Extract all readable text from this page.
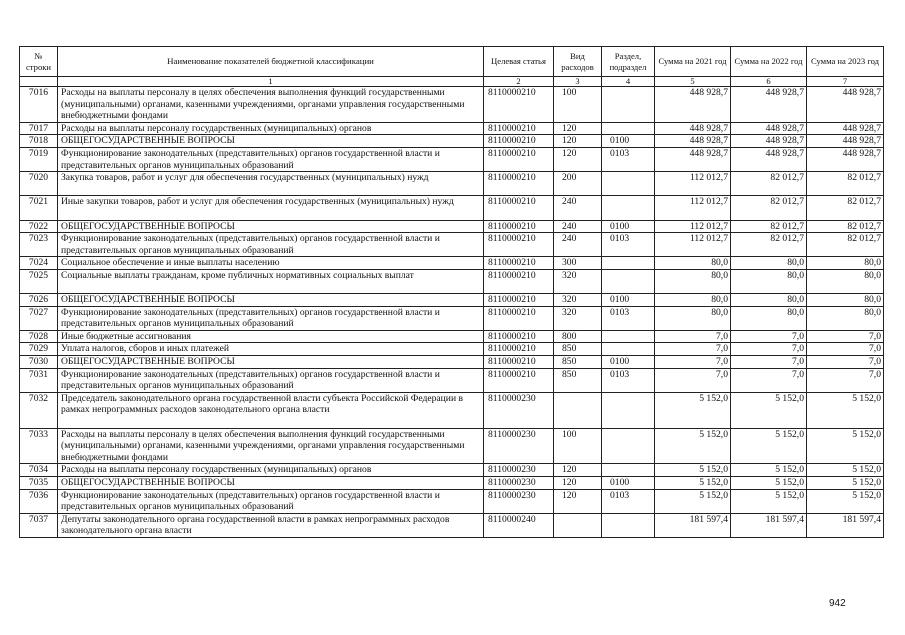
№ строки	Наименование показателей бюджетной классификации	Целевая статья	Вид расходов	Раздел, подраздел	Сумма на 2021 год	Сумма на 2022 год	Сумма на 2023 год
	1	2	3	4	5	6	7
7016	Расходы на выплаты персоналу в целях обеспечения выполнения функций государственными (муниципальными) органами, казенными учреждениями, органами управления государственными внебюджетными фондами	8110000210	100		448 928,7	448 928,7	448 928,7
7017	Расходы на выплаты персоналу государственных (муниципальных) органов	8110000210	120		448 928,7	448 928,7	448 928,7
7018	ОБЩЕГОСУДАРСТВЕННЫЕ ВОПРОСЫ	8110000210	120	0100	448 928,7	448 928,7	448 928,7
7019	Функционирование законодательных (представительных) органов государственной власти и представительных органов муниципальных образований	8110000210	120	0103	448 928,7	448 928,7	448 928,7
7020	Закупка товаров, работ и услуг для обеспечения государственных (муниципальных) нужд	8110000210	200		112 012,7	82 012,7	82 012,7
7021	Иные закупки товаров, работ и услуг для обеспечения государственных (муниципальных) нужд	8110000210	240		112 012,7	82 012,7	82 012,7
7022	ОБЩЕГОСУДАРСТВЕННЫЕ ВОПРОСЫ	8110000210	240	0100	112 012,7	82 012,7	82 012,7
7023	Функционирование законодательных (представительных) органов государственной власти и представительных органов муниципальных образований	8110000210	240	0103	112 012,7	82 012,7	82 012,7
7024	Социальное обеспечение и иные выплаты населению	8110000210	300		80,0	80,0	80,0
7025	Социальные выплаты гражданам, кроме публичных нормативных социальных выплат	8110000210	320		80,0	80,0	80,0
7026	ОБЩЕГОСУДАРСТВЕННЫЕ ВОПРОСЫ	8110000210	320	0100	80,0	80,0	80,0
7027	Функционирование законодательных (представительных) органов государственной власти и представительных органов муниципальных образований	8110000210	320	0103	80,0	80,0	80,0
7028	Иные бюджетные ассигнования	8110000210	800		7,0	7,0	7,0
7029	Уплата налогов, сборов и иных платежей	8110000210	850		7,0	7,0	7,0
7030	ОБЩЕГОСУДАРСТВЕННЫЕ ВОПРОСЫ	8110000210	850	0100	7,0	7,0	7,0
7031	Функционирование законодательных (представительных) органов государственной власти и представительных органов муниципальных образований	8110000210	850	0103	7,0	7,0	7,0
7032	Председатель законодательного органа государственной власти субъекта Российской Федерации в рамках непрограммных расходов законодательного органа власти	8110000230			5 152,0	5 152,0	5 152,0
7033	Расходы на выплаты персоналу в целях обеспечения выполнения функций государственными (муниципальными) органами, казенными учреждениями, органами управления государственными внебюджетными фондами	8110000230	100		5 152,0	5 152,0	5 152,0
7034	Расходы на выплаты персоналу государственных (муниципальных) органов	8110000230	120		5 152,0	5 152,0	5 152,0
7035	ОБЩЕГОСУДАРСТВЕННЫЕ ВОПРОСЫ	8110000230	120	0100	5 152,0	5 152,0	5 152,0
7036	Функционирование законодательных (представительных) органов государственной власти и представительных органов муниципальных образований	8110000230	120	0103	5 152,0	5 152,0	5 152,0
7037	Депутаты законодательного органа государственной власти в рамках непрограммных расходов законодательного органа власти	8110000240			181 597,4	181 597,4	181 597,4
942
